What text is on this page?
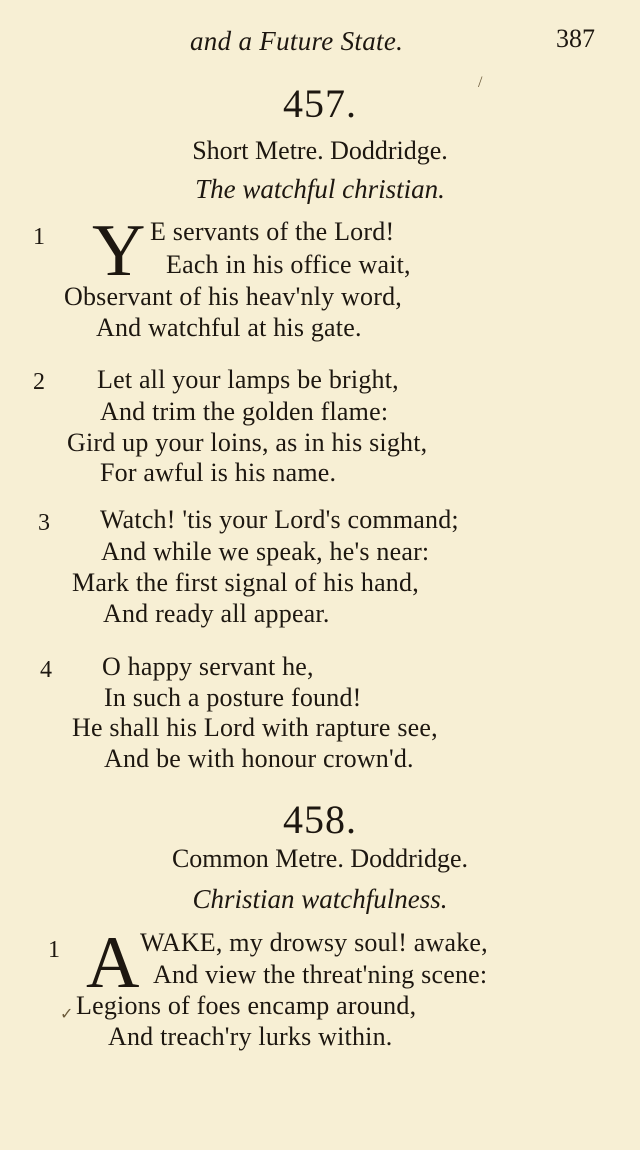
and a Future State.	387
/
457.
Short Metre. Doddridge.
The watchful christian.
1 Y E servants of the Lord!
Each in his office wait,
Observant of his heav'nly word,
And watchful at his gate.
2 Let all your lamps be bright,
And trim the golden flame:
Gird up your loins, as in his sight,
For awful is his name.
3 Watch! 'tis your Lord's command;
And while we speak, he's near:
Mark the first signal of his hand,
And ready all appear.
4 O happy servant he,
In such a posture found!
He shall his Lord with rapture see,
And be with honour crown'd.
458.
Common Metre. Doddridge.
Christian watchfulness.
1 A WAKE, my drowsy soul! awake,
And view the threat'ning scene:
Legions of foes encamp around,
And treach'ry lurks within.
✓
